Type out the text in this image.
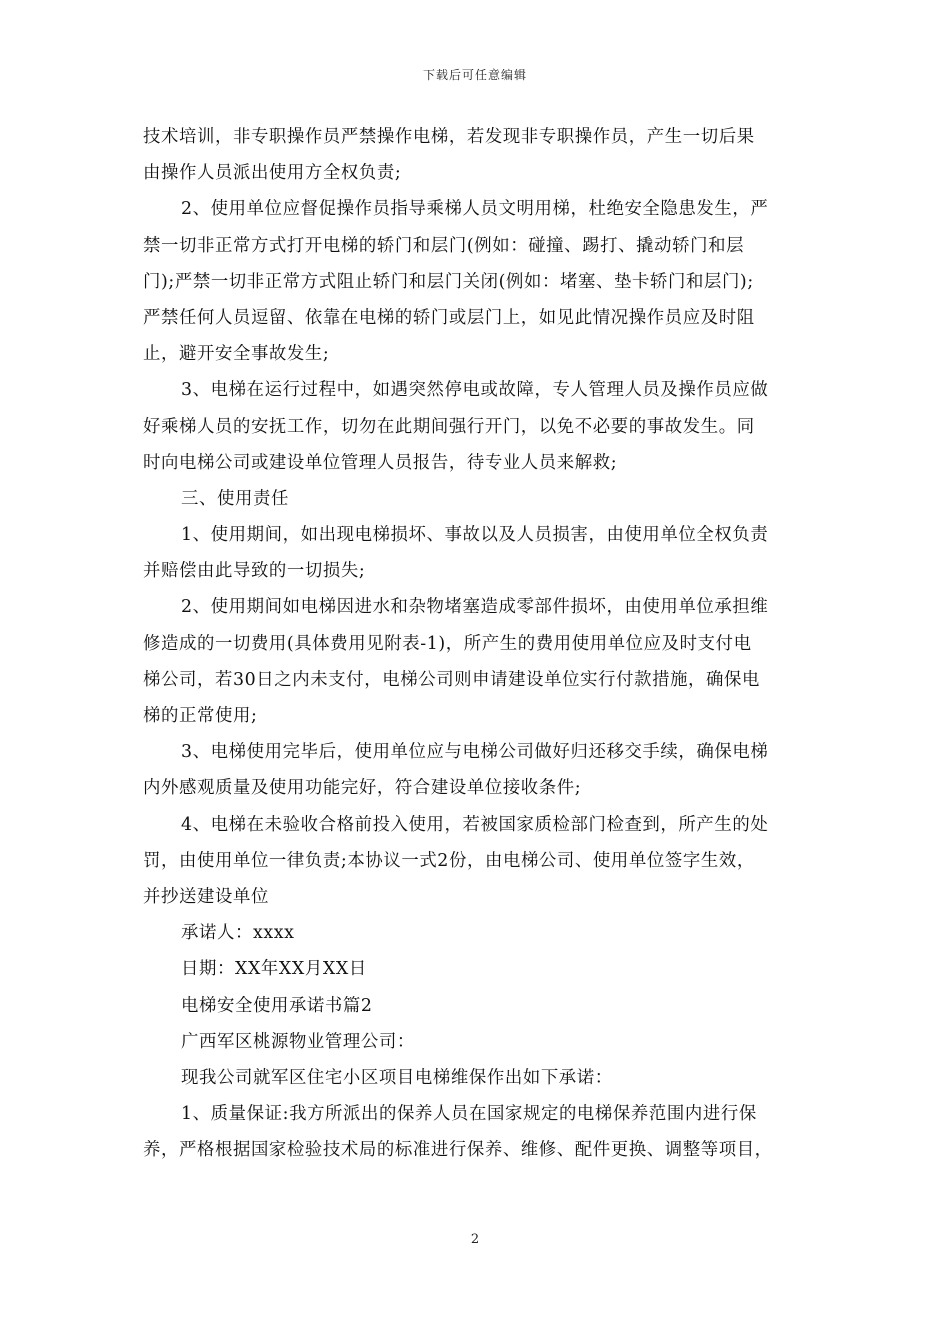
下载后可任意编辑
技术培训，非专职操作员严禁操作电梯，若发现非专职操作员，产生一切后果
由操作人员派出使用方全权负责;
2、使用单位应督促操作员指导乘梯人员文明用梯，杜绝安全隐患发生，严
禁一切非正常方式打开电梯的轿门和层门(例如：碰撞、踢打、撬动轿门和层
门);严禁一切非正常方式阻止轿门和层门关闭(例如：堵塞、垫卡轿门和层门);
严禁任何人员逗留、依靠在电梯的轿门或层门上，如见此情况操作员应及时阻
止，避开安全事故发生;
3、电梯在运行过程中，如遇突然停电或故障，专人管理人员及操作员应做
好乘梯人员的安抚工作，切勿在此期间强行开门，以免不必要的事故发生。同
时向电梯公司或建设单位管理人员报告，待专业人员来解救;
三、使用责任
1、使用期间，如出现电梯损坏、事故以及人员损害，由使用单位全权负责
并赔偿由此导致的一切损失;
2、使用期间如电梯因进水和杂物堵塞造成零部件损坏，由使用单位承担维
修造成的一切费用(具体费用见附表-1)，所产生的费用使用单位应及时支付电
梯公司，若30日之内未支付，电梯公司则申请建设单位实行付款措施，确保电
梯的正常使用;
3、电梯使用完毕后，使用单位应与电梯公司做好归还移交手续，确保电梯
内外感观质量及使用功能完好，符合建设单位接收条件;
4、电梯在未验收合格前投入使用，若被国家质检部门检查到，所产生的处
罚，由使用单位一律负责;本协议一式2份，由电梯公司、使用单位签字生效，
并抄送建设单位
承诺人：xxxx
日期：XX年XX月XX日
电梯安全使用承诺书篇2
广西军区桃源物业管理公司：
现我公司就军区住宅小区项目电梯维保作出如下承诺：
1、质量保证:我方所派出的保养人员在国家规定的电梯保养范围内进行保
养，严格根据国家检验技术局的标准进行保养、维修、配件更换、调整等项目，
2
